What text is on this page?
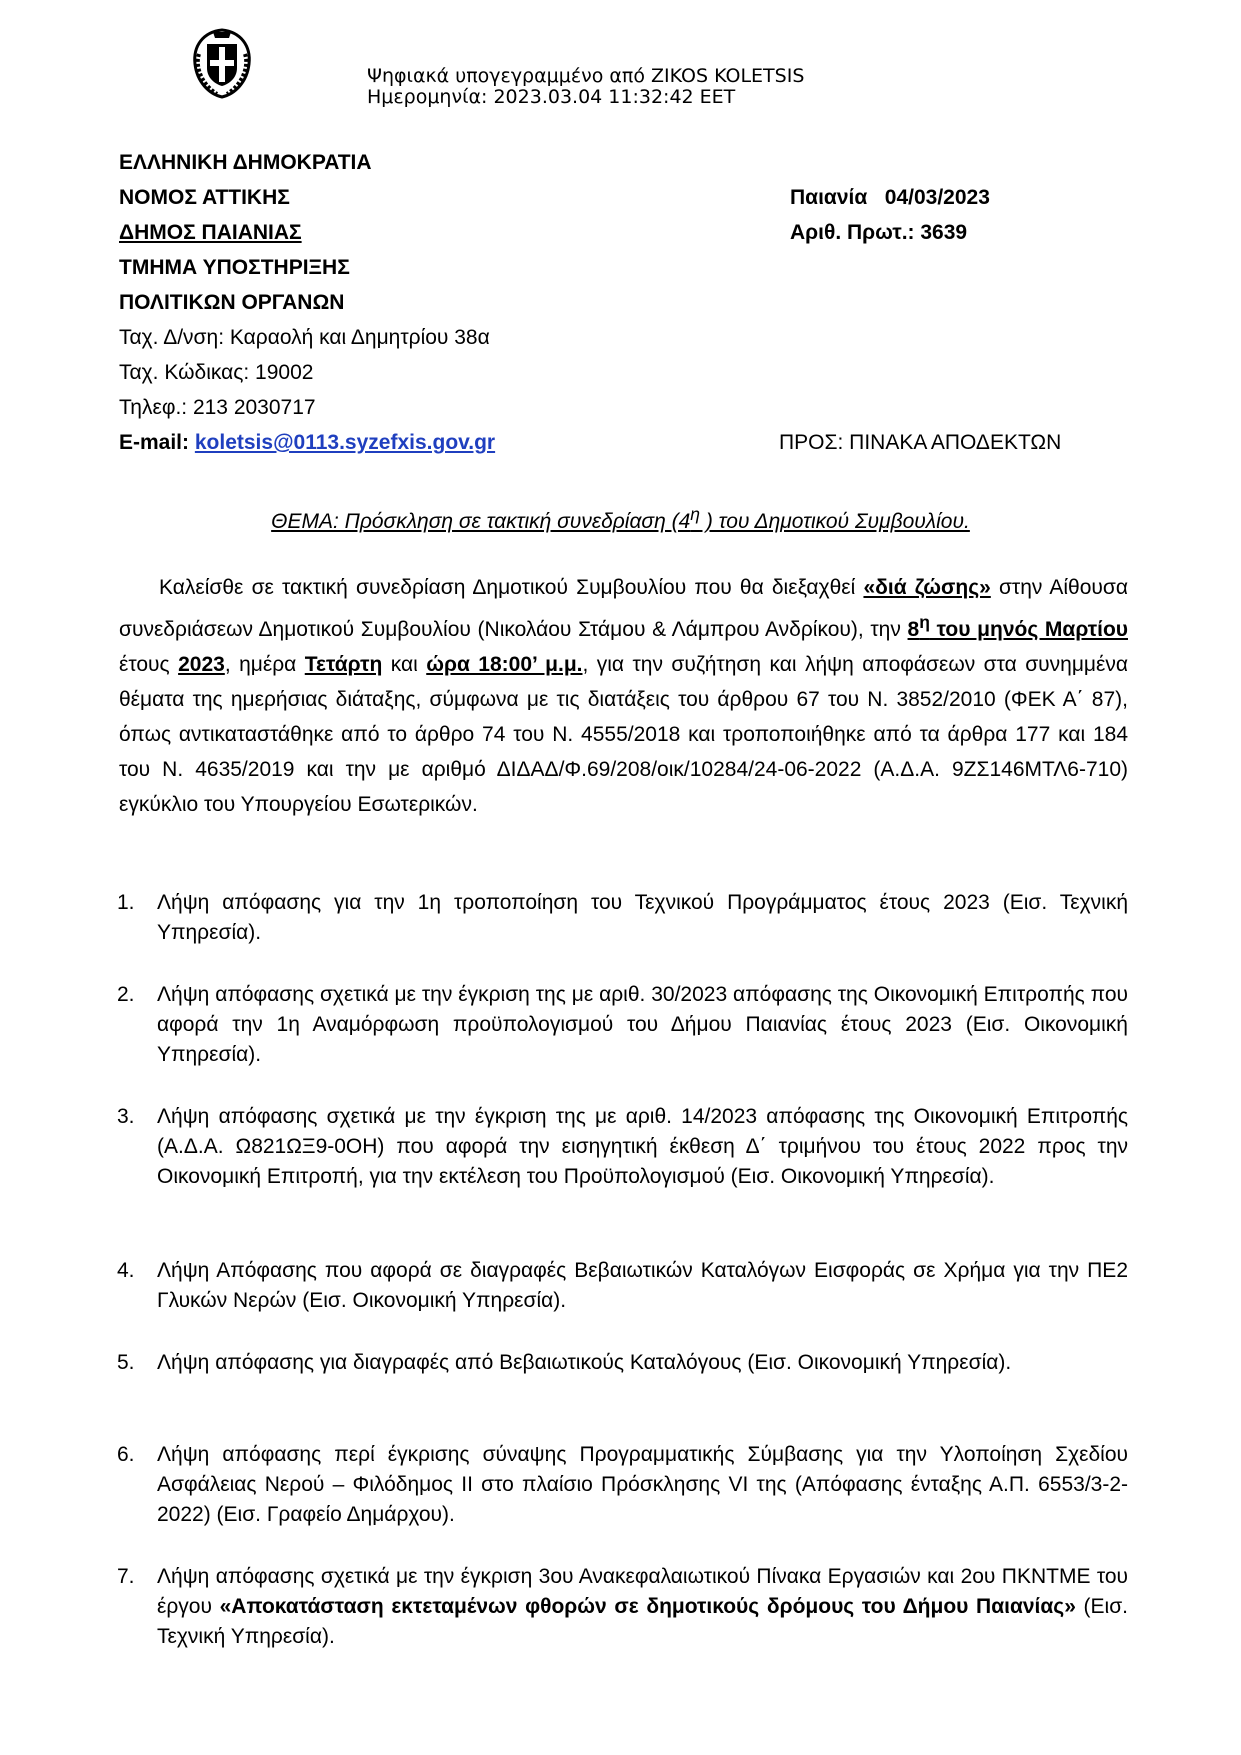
Ψηφιακά υπογεγραμμένο από ZIKOS KOLETSIS
Ημερομηνία: 2023.03.04 11:32:42 EET
ΕΛΛΗΝΙΚΗ ΔΗΜΟΚΡΑΤΙΑ
ΝΟΜΟΣ ΑΤΤΙΚΗΣ
ΔΗΜΟΣ ΠΑΙΑΝΙΑΣ
ΤΜΗΜΑ ΥΠΟΣΤΗΡΙΞΗΣ
ΠΟΛΙΤΙΚΩΝ ΟΡΓΑΝΩΝ
Ταχ. Δ/νση: Καραολή και Δημητρίου 38α
Ταχ. Κώδικας: 19002
Τηλεφ.: 213 2030717
E-mail: koletsis@0113.syzefxis.gov.gr
Παιανία 04/03/2023
Αριθ. Πρωτ.: 3639
ΠΡΟΣ: ΠΙΝΑΚΑ ΑΠΟΔΕΚΤΩΝ
ΘΕΜΑ: Πρόσκληση σε τακτική συνεδρίαση ($4^\eta$ ) του Δημοτικού Συμβουλίου.

Καλείσθε σε τακτική συνεδρίαση Δημοτικού Συμβουλίου που θα διεξαχθεί «διά ζώσης» στην Αίθουσα συνεδριάσεων Δημοτικού Συμβουλίου (Νικολάου Στάμου & Λάμπρου Ανδρίκου), την $8^\eta$ του μηνός Μαρτίου έτους 2023, ημέρα Τετάρτη και ώρα 18:00’ μ.μ., για την συζήτηση και λήψη αποφάσεων στα συνημμένα θέματα της ημερήσιας διάταξης, σύμφωνα με τις διατάξεις του άρθρου 67 του Ν. 3852/2010 (ΦΕΚ Α΄ 87), όπως αντικαταστάθηκε από το άρθρο 74 του Ν. 4555/2018 και τροποποιήθηκε από τα άρθρα 177 και 184 του Ν. 4635/2019 και την με αριθμό ΔΙΔΑΔ/Φ.69/208/οικ/10284/24-06-2022 (Α.Δ.Α. 9ΖΣ146ΜΤΛ6-710) εγκύκλιο του Υπουργείου Εσωτερικών.

1. Λήψη απόφασης για την 1η τροποποίηση του Τεχνικού Προγράμματος έτους 2023 (Εισ. Τεχνική Υπηρεσία).
2. Λήψη απόφασης σχετικά με την έγκριση της με αριθ. 30/2023 απόφασης της Οικονομική Επιτροπής που αφορά την 1η Αναμόρφωση προϋπολογισμού του Δήμου Παιανίας έτους 2023 (Εισ. Οικονομική Υπηρεσία).
3. Λήψη απόφασης σχετικά με την έγκριση της με αριθ. 14/2023 απόφασης της Οικονομική Επιτροπής (Α.Δ.Α. Ω821ΩΞ9-0ΟΗ) που αφορά την εισηγητική έκθεση Δ΄ τριμήνου του έτους 2022 προς την Οικονομική Επιτροπή, για την εκτέλεση του Προϋπολογισμού (Εισ. Οικονομική Υπηρεσία).
4. Λήψη Απόφασης που αφορά σε διαγραφές Βεβαιωτικών Καταλόγων Εισφοράς σε Χρήμα για την ΠΕ2 Γλυκών Νερών (Εισ. Οικονομική Υπηρεσία).
5. Λήψη απόφασης για διαγραφές από Βεβαιωτικούς Καταλόγους (Εισ. Οικονομική Υπηρεσία).
6. Λήψη απόφασης περί έγκρισης σύναψης Προγραμματικής Σύμβασης για την Υλοποίηση Σχεδίου Ασφάλειας Νερού – Φιλόδημος ΙΙ στο πλαίσιο Πρόσκλησης VI της (Απόφασης ένταξης Α.Π. 6553/3-2-2022) (Εισ. Γραφείο Δημάρχου).
7. Λήψη απόφασης σχετικά με την έγκριση 3ου Ανακεφαλαιωτικού Πίνακα Εργασιών και 2ου ΠΚΝΤΜΕ του έργου «Αποκατάσταση εκτεταμένων φθορών σε δημοτικούς δρόμους του Δήμου Παιανίας» (Εισ. Τεχνική Υπηρεσία).
